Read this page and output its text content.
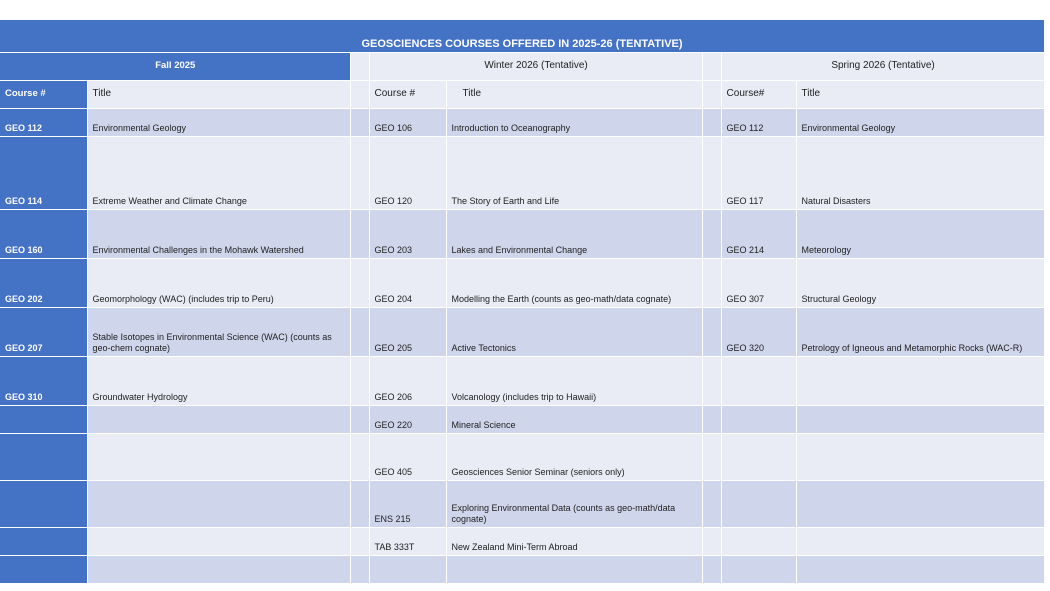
GEOSCIENCES COURSES OFFERED IN 2025-26 (TENTATIVE)
Fall 2025			Winter 2026 (Tentative)			Spring 2026 (Tentative)	
Course #	Title		Course #	Title		Course#	Title
GEO 112	Environmental Geology		GEO 106	Introduction to Oceanography		GEO 112	Environmental Geology
GEO 114	Extreme Weather and Climate Change		GEO 120	The Story of Earth and Life		GEO 117	Natural Disasters
GEO 160	Environmental Challenges in the Mohawk Watershed		GEO 203	Lakes and Environmental Change		GEO 214	Meteorology
GEO 202	Geomorphology (WAC) (includes trip to Peru)		GEO 204	Modelling the Earth (counts as geo-math/data cognate)		GEO 307	Structural Geology
GEO 207	Stable Isotopes in Environmental Science (WAC) (counts as geo-chem cognate)		GEO 205	Active Tectonics		GEO 320	Petrology of Igneous and Metamorphic Rocks (WAC-R)
GEO 310	Groundwater Hydrology		GEO 206	Volcanology (includes trip to Hawaii)			
			GEO 220	Mineral Science			
			GEO 405	Geosciences Senior Seminar (seniors only)			
			ENS 215	Exploring Environmental Data (counts as geo-math/data cognate)			
			TAB 333T	New Zealand Mini-Term Abroad			
